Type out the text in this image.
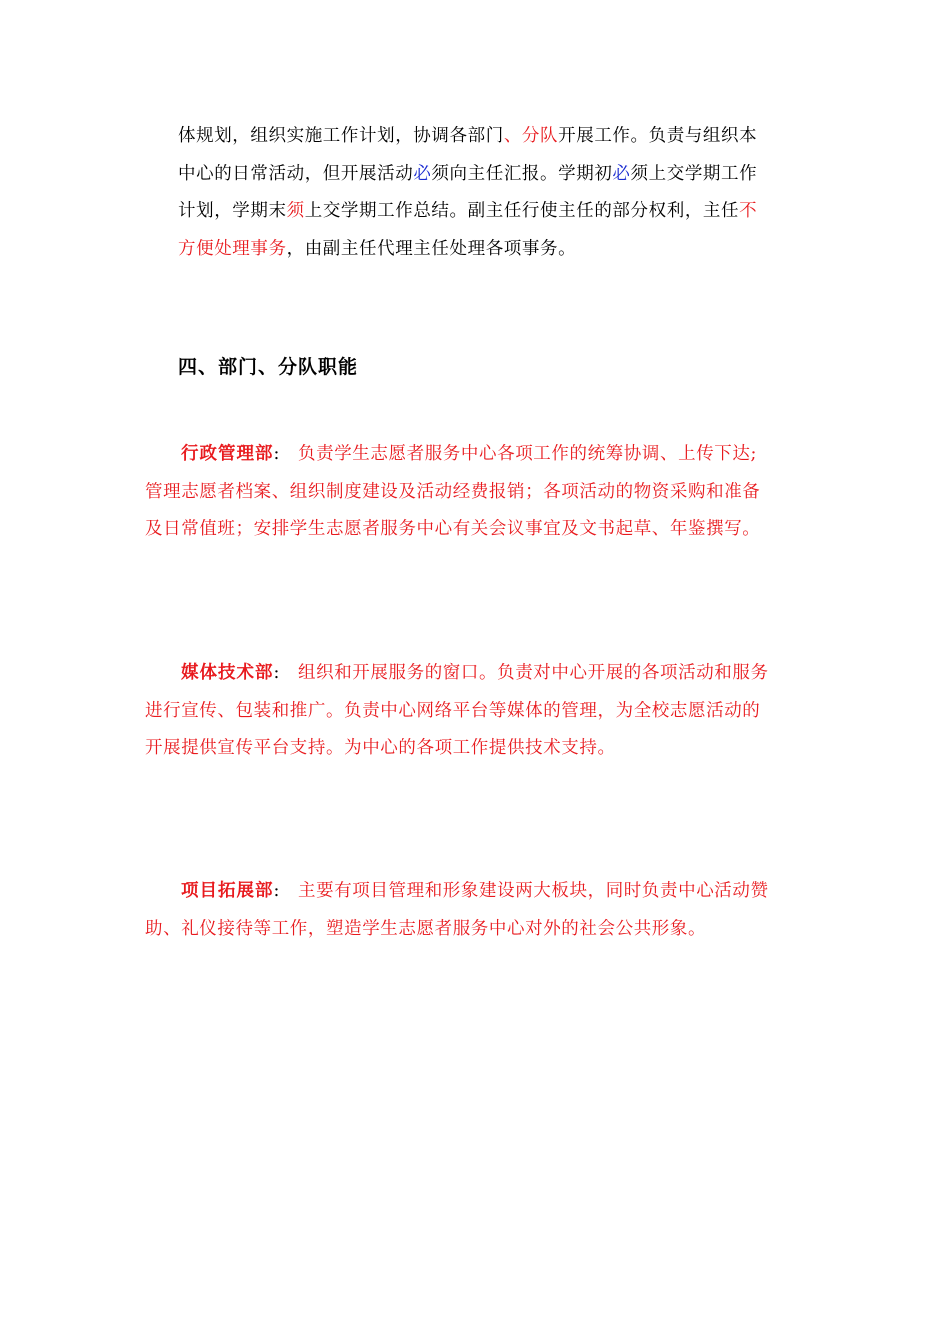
体规划，组织实施工作计划，协调各部门、分队开展工作。负责与组织本
中心的日常活动，但开展活动必须向主任汇报。学期初必须上交学期工作
计划，学期末须上交学期工作总结。副主任行使主任的部分权利，主任不
方便处理事务，由副主任代理主任处理各项事务。
四、部门、分队职能
行政管理部: 负责学生志愿者服务中心各项工作的统筹协调、上传下达;
管理志愿者档案、组织制度建设及活动经费报销；各项活动的物资采购和准备
及日常值班；安排学生志愿者服务中心有关会议事宜及文书起草、年鉴撰写。
媒体技术部: 组织和开展服务的窗口。负责对中心开展的各项活动和服务
进行宣传、包装和推广。负责中心网络平台等媒体的管理，为全校志愿活动的
开展提供宣传平台支持。为中心的各项工作提供技术支持。
项目拓展部: 主要有项目管理和形象建设两大板块，同时负责中心活动赞
助、礼仪接待等工作，塑造学生志愿者服务中心对外的社会公共形象。
